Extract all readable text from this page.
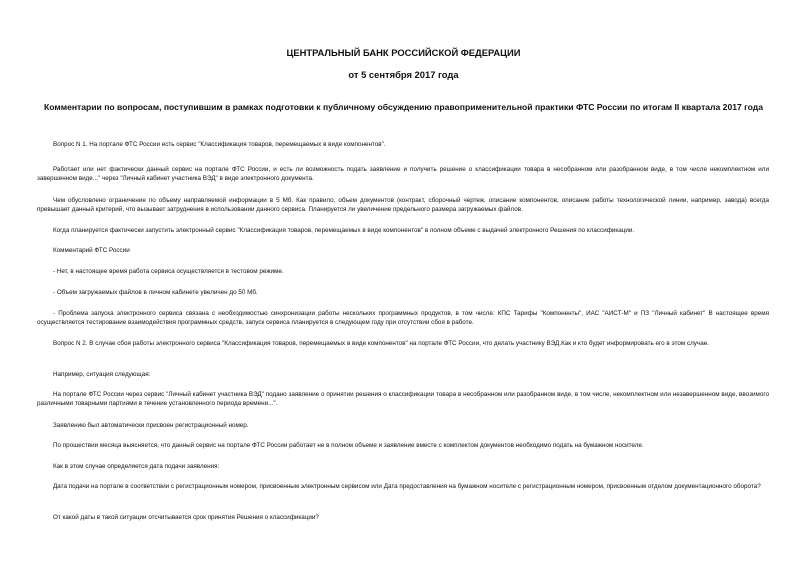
ЦЕНТРАЛЬНЫЙ БАНК РОССИЙСКОЙ ФЕДЕРАЦИИ
от 5 сентября 2017 года
Комментарии по вопросам, поступившим в рамках подготовки к публичному обсуждению правоприменительной практики ФТС России по итогам II квартала 2017 года

Вопрос N 1. На портале ФТС России есть сервис "Классификация товаров, перемещаемых в виде компонентов".

Работает или нет фактически данный сервис на портале ФТС России, и есть ли возможность подать заявление и получить решение о классификации товара в несобранном или разобранном виде, в том числе некомплектном или завершенном виде..." через "Личный кабинет участника ВЭД" в виде электронного документа.

Чем обусловлено ограничение по объему направляемой информации в 5 Мб. Как правило, объем документов (контракт, сборочный чертеж, описание компонентов, описание работы технологической линии, например, завода) всегда превышает данный критерий, что вызывает затруднения в использовании данного сервиса. Планируется ли увеличение предельного размера загружаемых файлов.

Когда планируется фактически запустить электронный сервис "Классификация товаров, перемещаемых в виде компонентов" в полном объеме с выдачей электронного Решения по классификации.

Комментарий ФТС России

- Нет, в настоящее время работа сервиса осуществляется в тестовом режиме.

- Объем загружаемых файлов в личном кабинете увеличен до 50 Мб.

- Проблема запуска электронного сервиса связана с необходимостью синхронизации работы нескольких программных продуктов, в том числе: КПС Тарифы "Компоненты", ИАС "АИСТ-М" и ПЗ "Личный кабинет" В настоящее время осуществляется тестирование взаимодействия программных средств, запуск сервиса планируется в следующем году при отсутствии сбоя в работе.

Вопрос N 2. В случае сбоя работы электронного сервиса "Классификация товаров, перемещаемых в виде компонентов" на портале ФТС России, что делать участнику ВЭД.Как и кто будет информировать его в этом случае.

Например, ситуация следующая:

На портале ФТС России через сервис "Личный кабинет участника ВЭД" подано заявление о принятии решения о классификации товара в несобранном или разобранном виде, в том числе, некомплектном или незавершенном виде, ввозимого различными товарными партиями в течение установленного периода времени...".

Заявлению был автоматически присвоен регистрационный номер.

По прошествии месяца выясняется, что данный сервис на портале ФТС России работает не в полном объеме и заявление вместе с комплектом документов необходимо подать на бумажном носителе.

Как в этом случае определяется дата подачи заявления:

Дата подачи на портале в соответствии с регистрационным номером, присвоенным электронным сервисом или Дата предоставления на бумажном носителе с регистрационным номером, присвоенным отделом документационного оборота?

От какой даты в такой ситуации отсчитывается срок принятия Решения о классификации?
